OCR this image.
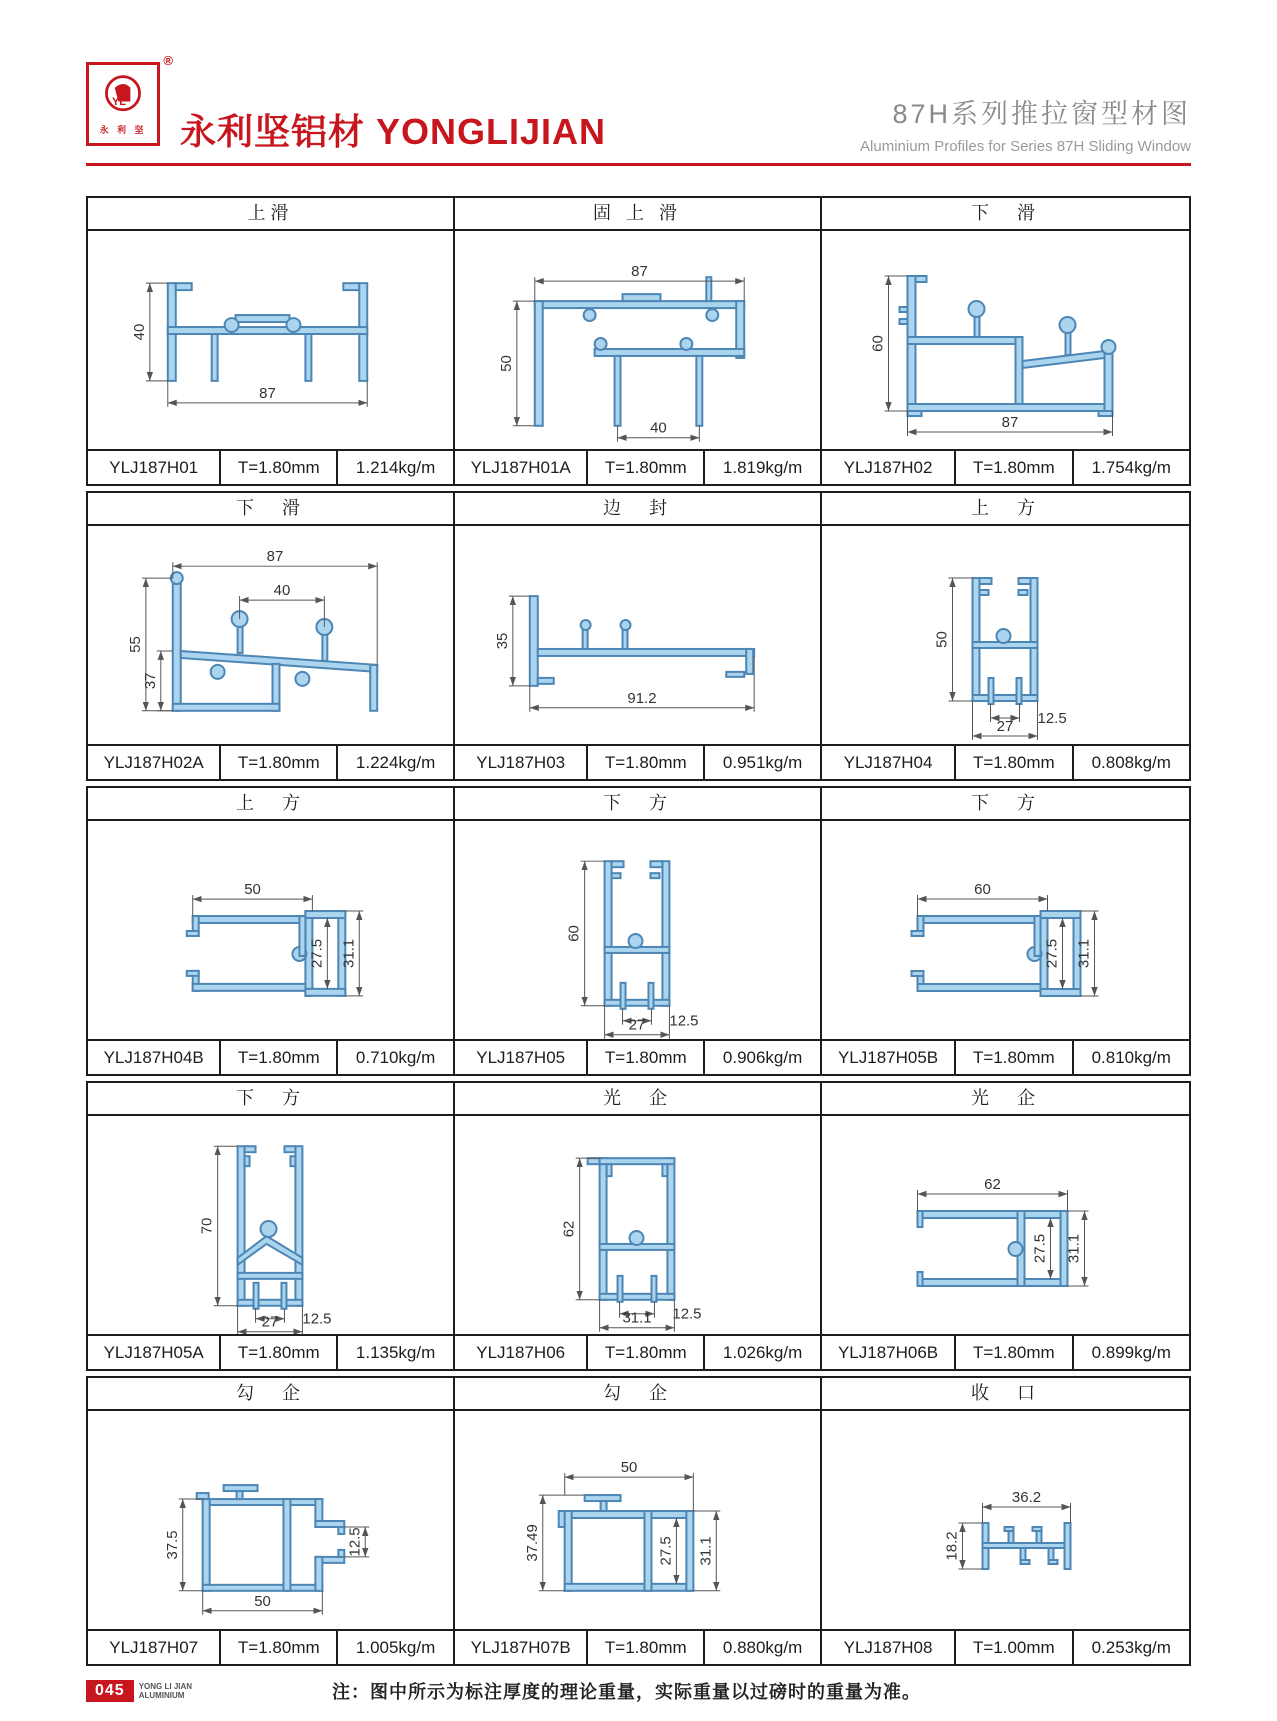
®
YL
永 利 坚 永利坚铝材 YONGLIJIAN	87H系列推拉窗型材图
Aluminium Profiles for Series 87H Sliding Window
上滑
40
87
YLJ187H01	T=1.80mm	1.214kg/m
固 上 滑
87
50
40
YLJ187H01A	T=1.80mm	1.819kg/m
下　滑
60
87
YLJ187H02	T=1.80mm	1.754kg/m
下　滑
87
40
55
37
YLJ187H02A	T=1.80mm	1.224kg/m
边　封
35
91.2
YLJ187H03	T=1.80mm	0.951kg/m
上　方
50
12.5
27
YLJ187H04	T=1.80mm	0.808kg/m
上　方
50
27.5 31.1
YLJ187H04B	T=1.80mm	0.710kg/m
下　方
60
12.5
27
YLJ187H05	T=1.80mm	0.906kg/m
下　方
60
27.5 31.1
YLJ187H05B	T=1.80mm	0.810kg/m
下　方
70
12.5
27
YLJ187H05A	T=1.80mm	1.135kg/m
光　企
62
12.5
31.1
YLJ187H06	T=1.80mm	1.026kg/m
光　企
62
27.5 31.1
YLJ187H06B	T=1.80mm	0.899kg/m
勾　企
37.5	12.5
50
YLJ187H07	T=1.80mm	1.005kg/m
勾　企
50
37.49	27.5 31.1
YLJ187H07B	T=1.80mm	0.880kg/m
收　口
36.2
18.2
YLJ187H08	T=1.00mm	0.253kg/m
045	YONG LI JIAN
ALUMINIUM	注：图中所示为标注厚度的理论重量，实际重量以过磅时的重量为准。
